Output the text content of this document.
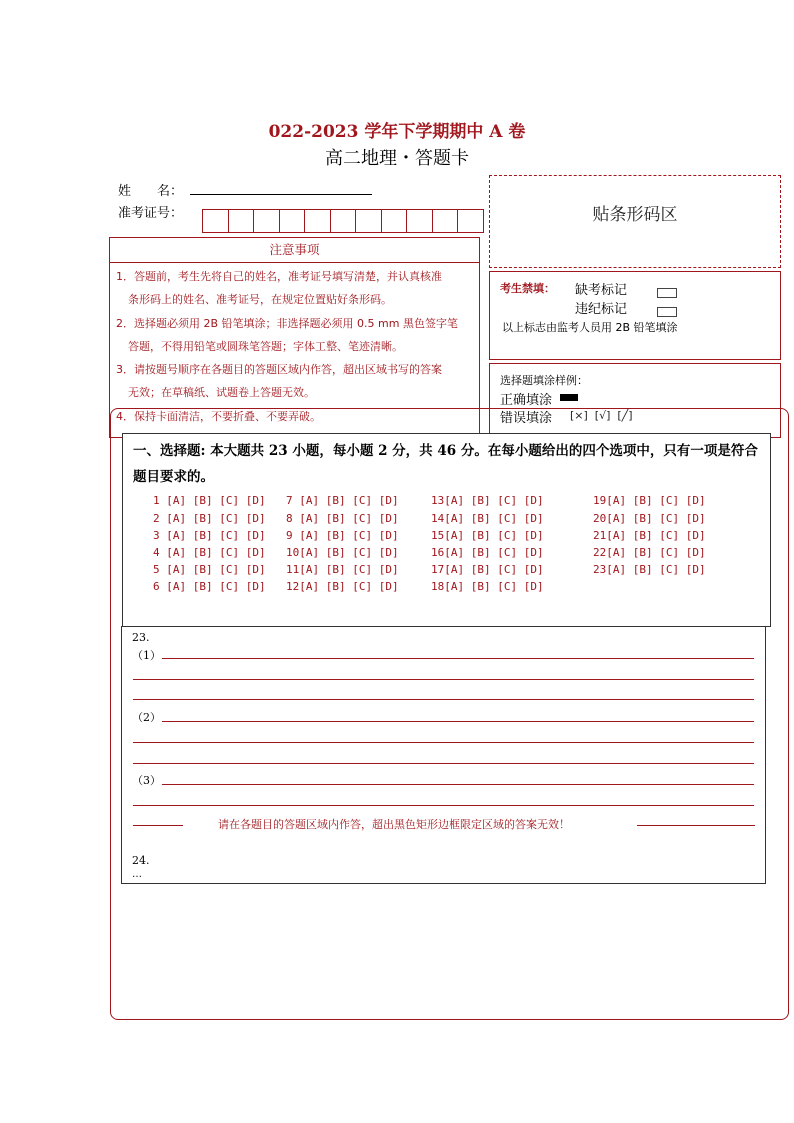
022-2023 学年下学期期中 A 卷
高二地理・答题卡
姓　　名：
准考证号：	贴条形码区
注意事项
1．答题前，考生先将自己的姓名，准考证号填写清楚，并认真核准
条形码上的姓名、准考证号，在规定位置贴好条形码。
2．选择题必须用 2B 铅笔填涂；非选择题必须用 0.5 mm 黑色签字笔
答题，不得用铅笔或圆珠笔答题；字体工整、笔迹清晰。
3．请按题号顺序在各题目的答题区域内作答，超出区域书写的答案
无效；在草稿纸、试题卷上答题无效。
4．保持卡面清洁，不要折叠、不要弄破。
考生禁填： 缺考标记
违纪标记
以上标志由监考人员用 2B 铅笔填涂
选择题填涂样例：
正确填涂
错误填涂 [×]  [√]  [╱]
一、选择题: 本大题共 23 小题，每小题 2 分，共 46 分。在每小题给出的四个选项中，只有一项是符合题目要求的。
1 [A] [B] [C] [D]
2 [A] [B] [C] [D]
3 [A] [B] [C] [D]
4 [A] [B] [C] [D]
5 [A] [B] [C] [D]
6 [A] [B] [C] [D]
7 [A] [B] [C] [D]
8 [A] [B] [C] [D]
9 [A] [B] [C] [D]
10[A] [B] [C] [D]
11[A] [B] [C] [D]
12[A] [B] [C] [D]
13[A] [B] [C] [D]
14[A] [B] [C] [D]
15[A] [B] [C] [D]
16[A] [B] [C] [D]
17[A] [B] [C] [D]
18[A] [B] [C] [D]
19[A] [B] [C] [D]
20[A] [B] [C] [D]
21[A] [B] [C] [D]
22[A] [B] [C] [D]
23[A] [B] [C] [D]
23.
（1）
（2）
（3）
请在各题目的答题区域内作答，超出黑色矩形边框限定区域的答案无效！
24.
…
